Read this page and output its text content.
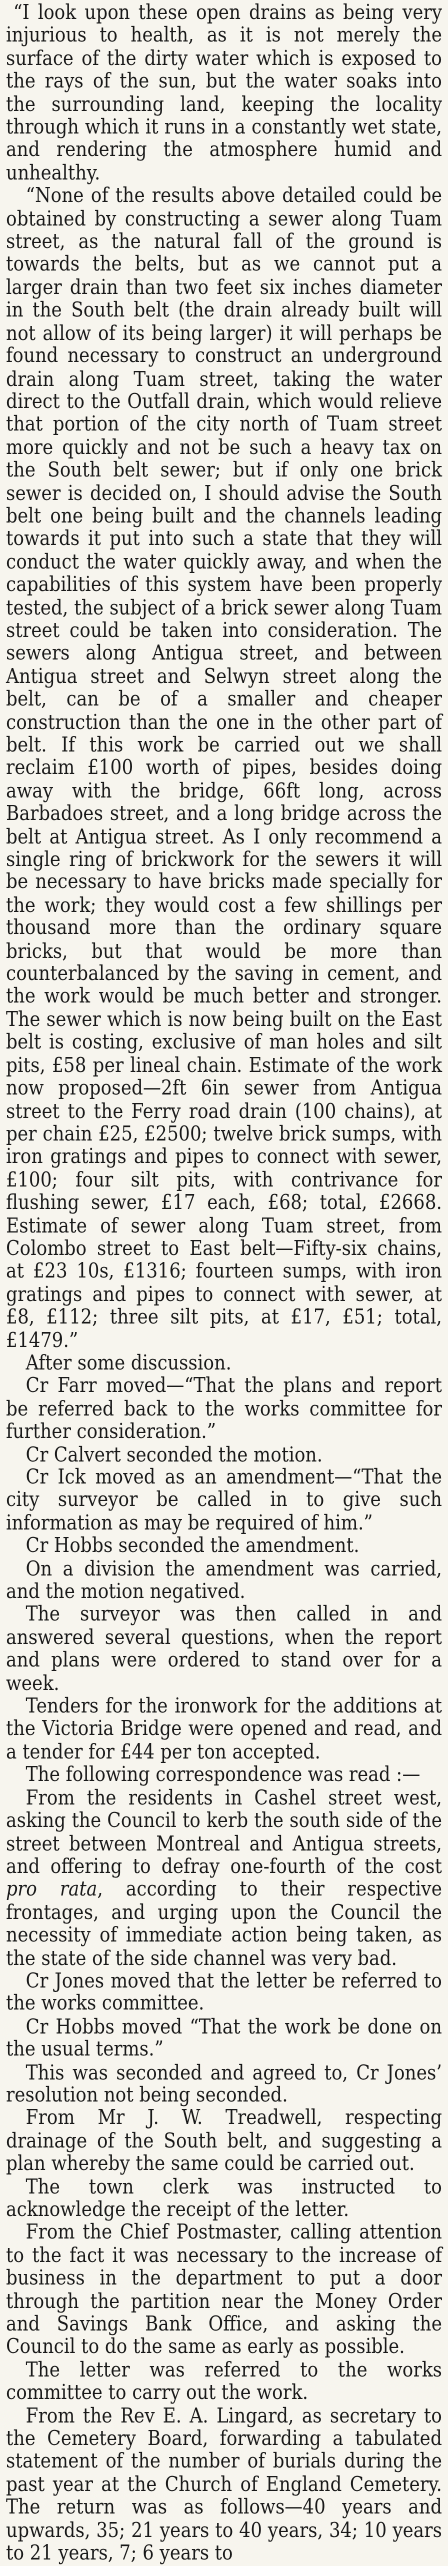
“I look upon these open drains as being very injurious to health, as it is not merely the surface of the dirty water which is exposed to the rays of the sun, but the water soaks into the surrounding land, keeping the locality through which it runs in a constantly wet state, and rendering the atmosphere humid and unhealthy.

“None of the results above detailed could be obtained by constructing a sewer along Tuam street, as the natural fall of the ground is towards the belts, but as we cannot put a larger drain than two feet six inches diameter in the South belt (the drain already built will not allow of its being larger) it will perhaps be found necessary to construct an underground drain along Tuam street, taking the water direct to the Outfall drain, which would relieve that portion of the city north of Tuam street more quickly and not be such a heavy tax on the South belt sewer; but if only one brick sewer is decided on, I should advise the South belt one being built and the channels leading towards it put into such a state that they will conduct the water quickly away, and when the capabilities of this system have been properly tested, the subject of a brick sewer along Tuam street could be taken into consideration. The sewers along Antigua street, and between Antigua street and Selwyn street along the belt, can be of a smaller and cheaper construction than the one in the other part of belt. If this work be carried out we shall reclaim £100 worth of pipes, besides doing away with the bridge, 66ft long, across Barbadoes street, and a long bridge across the belt at Antigua street. As I only recommend a single ring of brickwork for the sewers it will be necessary to have bricks made specially for the work; they would cost a few shillings per thousand more than the ordinary square bricks, but that would be more than counterbalanced by the saving in cement, and the work would be much better and stronger. The sewer which is now being built on the East belt is costing, exclusive of man holes and silt pits, £58 per lineal chain. Estimate of the work now proposed—2ft 6in sewer from Antigua street to the Ferry road drain (100 chains), at per chain £25, £2500; twelve brick sumps, with iron gratings and pipes to connect with sewer, £100; four silt pits, with contrivance for flushing sewer, £17 each, £68; total, £2668. Estimate of sewer along Tuam street, from Colombo street to East belt—Fifty-six chains, at £23 10s, £1316; fourteen sumps, with iron gratings and pipes to connect with sewer, at £8, £112; three silt pits, at £17, £51; total, £1479.”

After some discussion.

Cr Farr moved—“That the plans and report be referred back to the works committee for further consideration.”

Cr Calvert seconded the motion.

Cr Ick moved as an amendment—“That the city surveyor be called in to give such information as may be required of him.”

Cr Hobbs seconded the amendment.

On a division the amendment was carried, and the motion negatived.

The surveyor was then called in and answered several questions, when the report and plans were ordered to stand over for a week.

Tenders for the ironwork for the additions at the Victoria Bridge were opened and read, and a tender for £44 per ton accepted.

The following correspondence was read :—

From the residents in Cashel street west, asking the Council to kerb the south side of the street between Montreal and Antigua streets, and offering to defray one-fourth of the cost pro rata, according to their respective frontages, and urging upon the Council the necessity of immediate action being taken, as the state of the side channel was very bad.

Cr Jones moved that the letter be referred to the works committee.

Cr Hobbs moved “That the work be done on the usual terms.”

This was seconded and agreed to, Cr Jones’ resolution not being seconded.

From Mr J. W. Treadwell, respecting drainage of the South belt, and suggesting a plan whereby the same could be carried out.

The town clerk was instructed to acknowledge the receipt of the letter.

From the Chief Postmaster, calling attention to the fact it was necessary to the increase of business in the department to put a door through the partition near the Money Order and Savings Bank Office, and asking the Council to do the same as early as possible.

The letter was referred to the works committee to carry out the work.

From the Rev E. A. Lingard, as secretary to the Cemetery Board, forwarding a tabulated statement of the number of burials during the past year at the Church of England Cemetery. The return was as follows—40 years and upwards, 35; 21 years to 40 years, 34; 10 years to 21 years, 7; 6 years to
